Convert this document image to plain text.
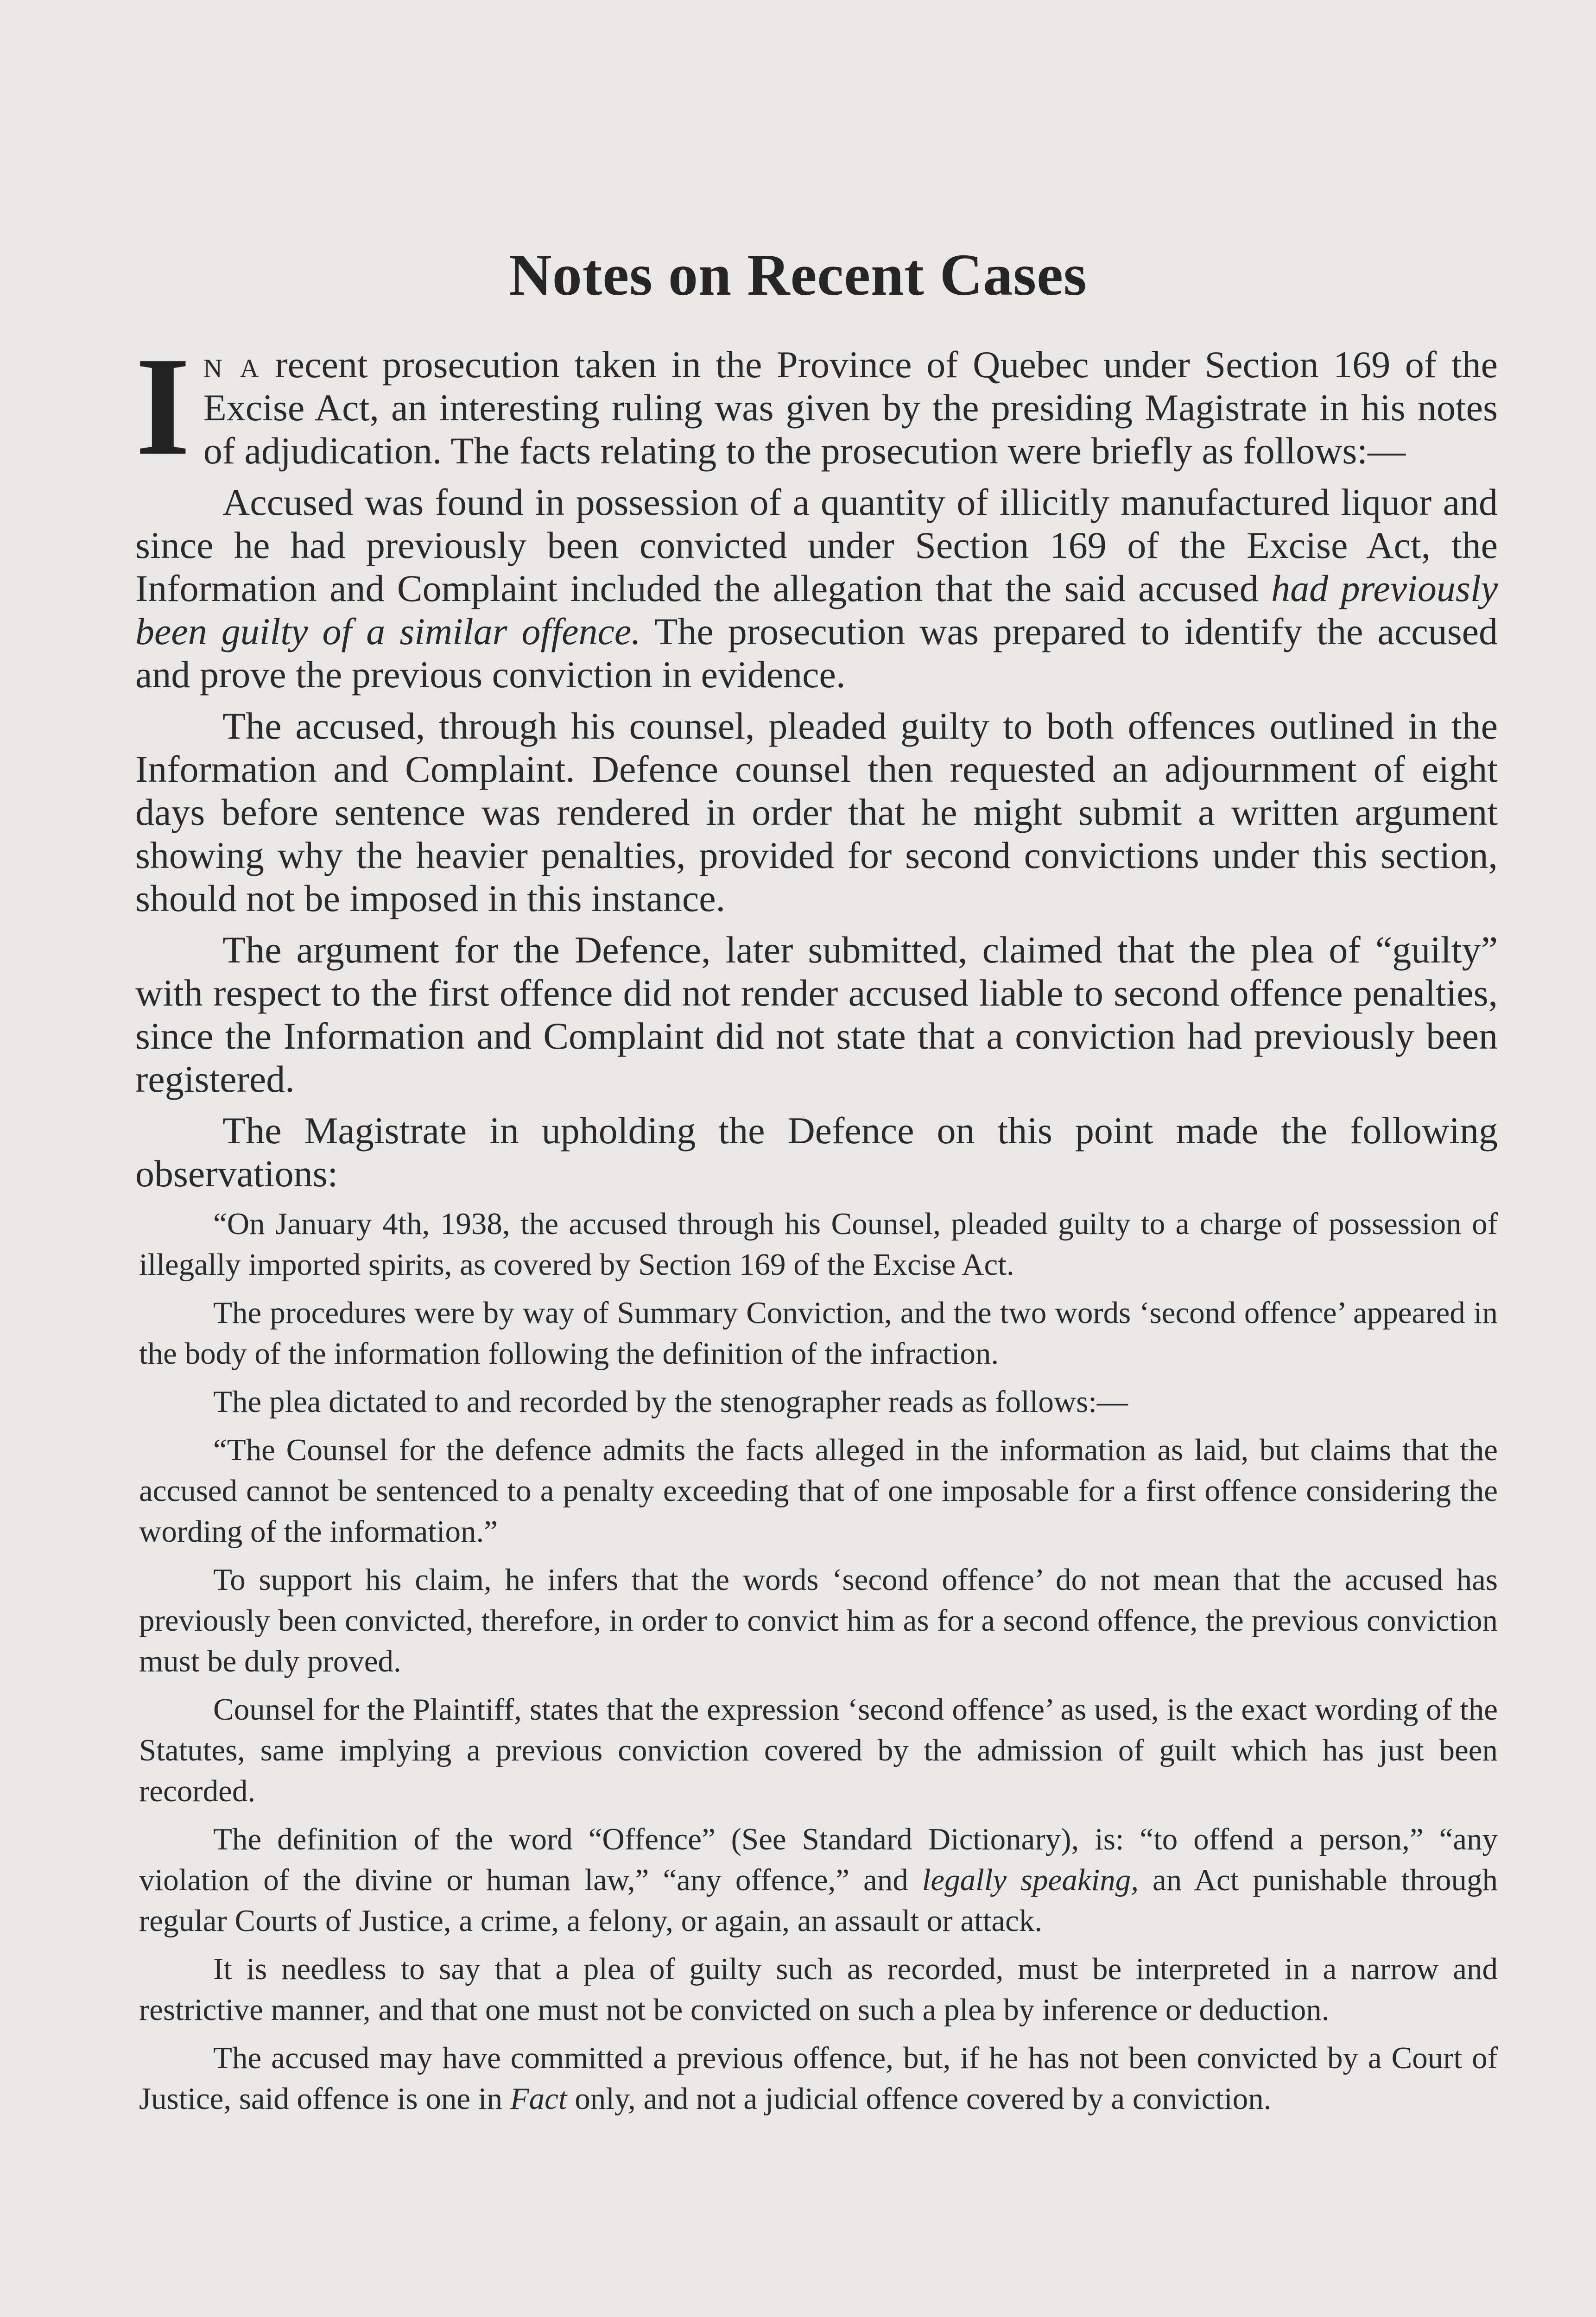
Notes on Recent Cases

In a recent prosecution taken in the Province of Quebec under Section 169 of the Excise Act, an interesting ruling was given by the presiding Magistrate in his notes of adjudication. The facts relating to the prosecution were briefly as follows:—

Accused was found in possession of a quantity of illicitly manufactured liquor and since he had previously been convicted under Section 169 of the Excise Act, the Information and Complaint included the allegation that the said accused had previously been guilty of a similar offence. The prosecution was prepared to identify the accused and prove the previous conviction in evidence.

The accused, through his counsel, pleaded guilty to both offences outlined in the Information and Complaint. Defence counsel then requested an adjournment of eight days before sentence was rendered in order that he might submit a written argument showing why the heavier penalties, provided for second convictions under this section, should not be imposed in this instance.

The argument for the Defence, later submitted, claimed that the plea of “guilty” with respect to the first offence did not render accused liable to second offence penalties, since the Information and Complaint did not state that a conviction had previously been registered.

The Magistrate in upholding the Defence on this point made the following observations:

“On January 4th, 1938, the accused through his Counsel, pleaded guilty to a charge of possession of illegally imported spirits, as covered by Section 169 of the Excise Act.

The procedures were by way of Summary Conviction, and the two words ‘second offence’ appeared in the body of the information following the definition of the infraction.

The plea dictated to and recorded by the stenographer reads as follows:—

“The Counsel for the defence admits the facts alleged in the information as laid, but claims that the accused cannot be sentenced to a penalty exceeding that of one imposable for a first offence considering the wording of the information.”

To support his claim, he infers that the words ‘second offence’ do not mean that the accused has previously been convicted, therefore, in order to convict him as for a second offence, the previous conviction must be duly proved.

Counsel for the Plaintiff, states that the expression ‘second offence’ as used, is the exact wording of the Statutes, same implying a previous conviction covered by the admission of guilt which has just been recorded.

The definition of the word “Offence” (See Standard Dictionary), is: “to offend a person,” “any violation of the divine or human law,” “any offence,” and legally speaking, an Act punishable through regular Courts of Justice, a crime, a felony, or again, an assault or attack.

It is needless to say that a plea of guilty such as recorded, must be interpreted in a narrow and restrictive manner, and that one must not be convicted on such a plea by inference or deduction.

The accused may have committed a previous offence, but, if he has not been convicted by a Court of Justice, said offence is one in Fact only, and not a judicial offence covered by a conviction.
